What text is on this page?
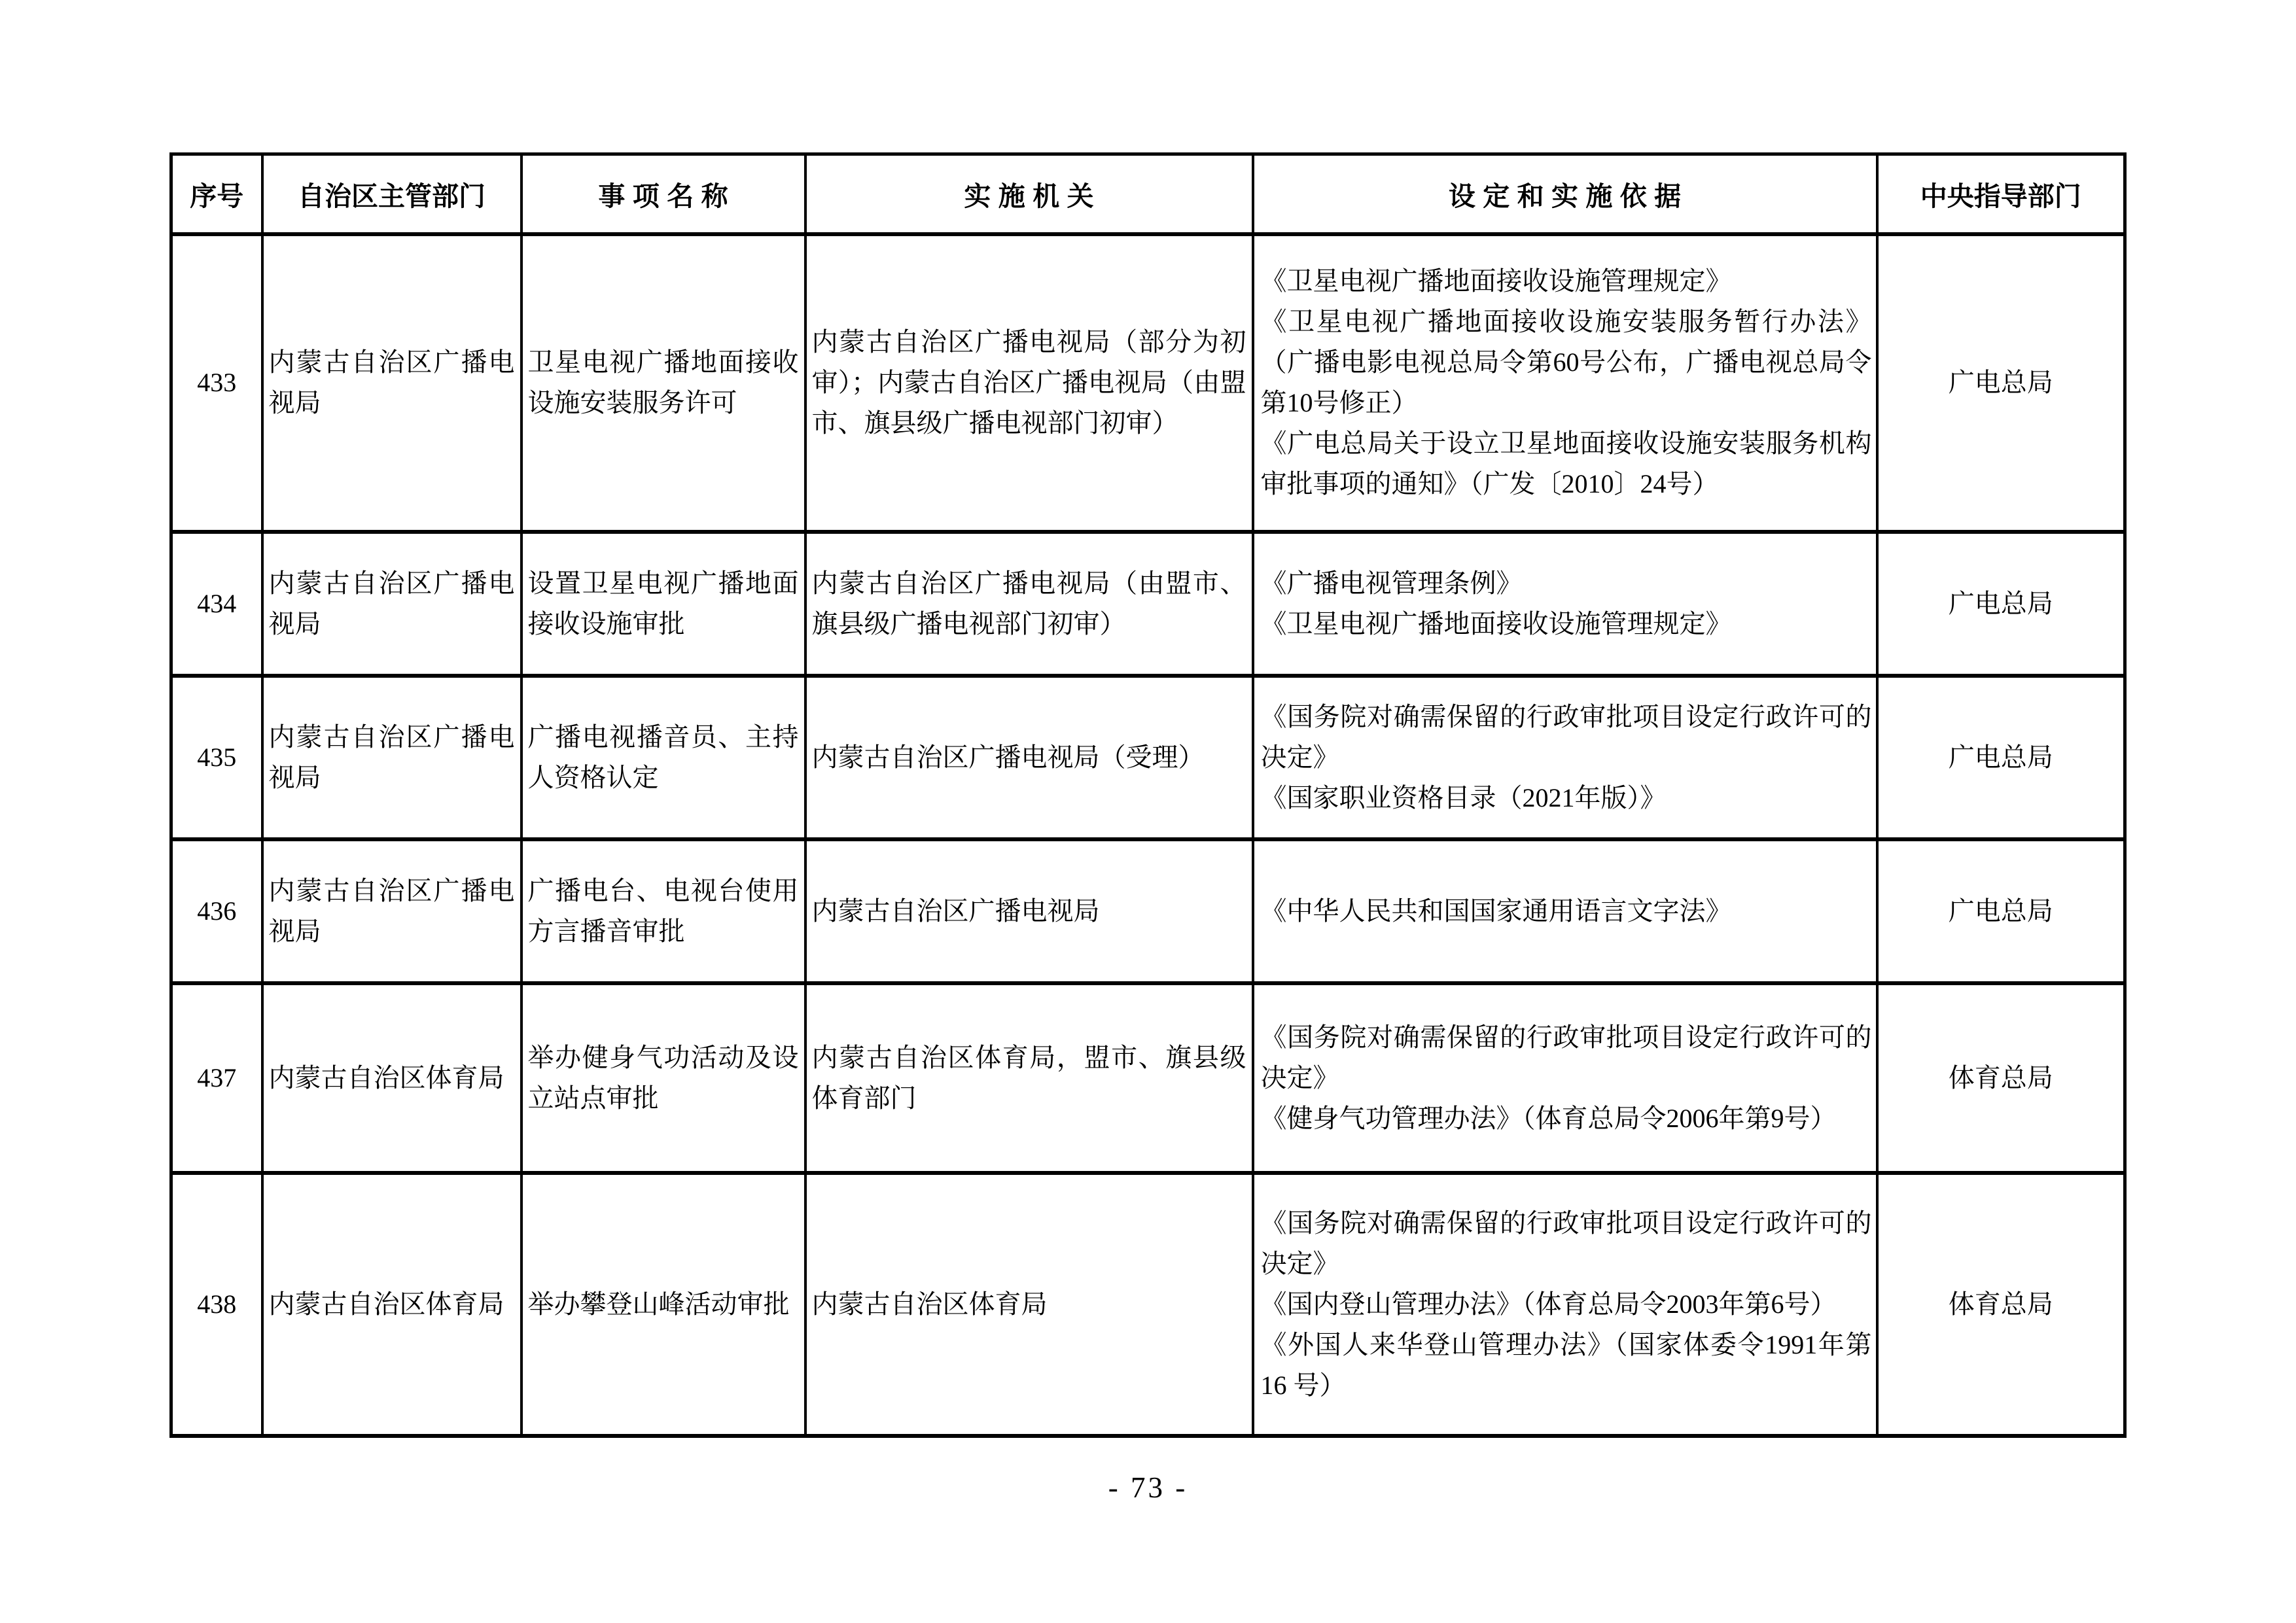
序号	自治区主管部门	事 项 名 称	实 施 机 关	设 定 和 实 施 依 据	中央指导部门
433	内蒙古自治区广播电视局	卫星电视广播地面接收设施安装服务许可	内蒙古自治区广播电视局（部分为初审）；内蒙古自治区广播电视局（由盟市、旗县级广播电视部门初审）	《卫星电视广播地面接收设施管理规定》
《卫星电视广播地面接收设施安装服务暂行办法》（广播电影电视总局令第60号公布，广播电视总局令第10号修正）
《广电总局关于设立卫星地面接收设施安装服务机构审批事项的通知》（广发〔2010〕24号）	广电总局
434	内蒙古自治区广播电视局	设置卫星电视广播地面接收设施审批	内蒙古自治区广播电视局（由盟市、旗县级广播电视部门初审）	《广播电视管理条例》
《卫星电视广播地面接收设施管理规定》	广电总局
435	内蒙古自治区广播电视局	广播电视播音员、主持人资格认定	内蒙古自治区广播电视局（受理）	《国务院对确需保留的行政审批项目设定行政许可的决定》
《国家职业资格目录（2021年版）》	广电总局
436	内蒙古自治区广播电视局	广播电台、电视台使用方言播音审批	内蒙古自治区广播电视局	《中华人民共和国国家通用语言文字法》	广电总局
437	内蒙古自治区体育局	举办健身气功活动及设立站点审批	内蒙古自治区体育局，盟市、旗县级体育部门	《国务院对确需保留的行政审批项目设定行政许可的决定》
《健身气功管理办法》（体育总局令2006年第9号）	体育总局
438	内蒙古自治区体育局	举办攀登山峰活动审批	内蒙古自治区体育局	《国务院对确需保留的行政审批项目设定行政许可的决定》
《国内登山管理办法》（体育总局令2003年第6号）
《外国人来华登山管理办法》（国家体委令1991年第16 号）	体育总局
- 73 -
